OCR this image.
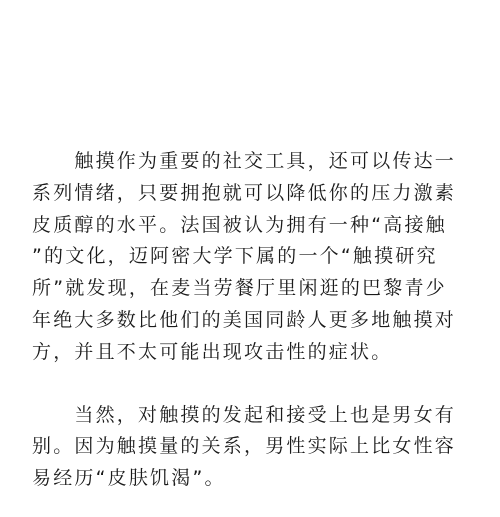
　　触摸作为重要的社交工具，还可以传达一
系列情绪，只要拥抱就可以降低你的压力激素
皮质醇的水平。法国被认为拥有一种“高接触
”的文化，迈阿密大学下属的一个“触摸研究
所”就发现，在麦当劳餐厅里闲逛的巴黎青少
年绝大多数比他们的美国同龄人更多地触摸对
方，并且不太可能出现攻击性的症状。
　　当然，对触摸的发起和接受上也是男女有
别。因为触摸量的关系，男性实际上比女性容
易经历“皮肤饥渴”。
